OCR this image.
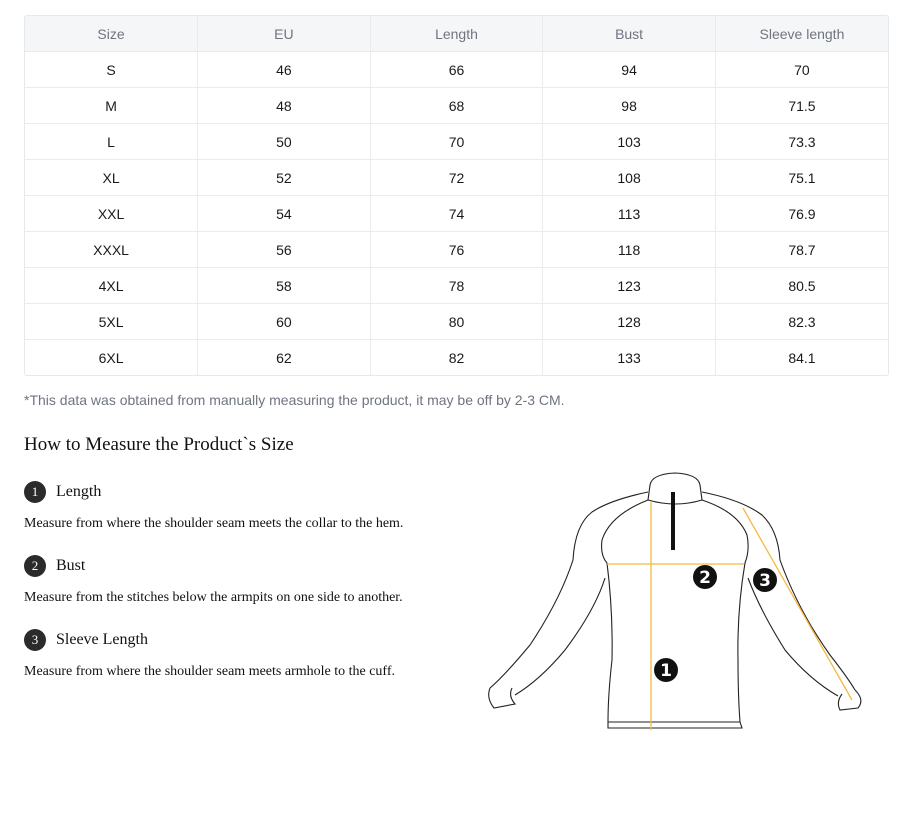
Size	EU	Length	Bust	Sleeve length
S	46	66	94	70
M	48	68	98	71.5
L	50	70	103	73.3
XL	52	72	108	75.1
XXL	54	74	113	76.9
XXXL	56	76	118	78.7
4XL	58	78	123	80.5
5XL	60	80	128	82.3
6XL	62	82	133	84.1
*This data was obtained from manually measuring the product, it may be off by 2-3 CM.
How to Measure the Product`s Size
1	Length
Measure from where the shoulder seam meets the collar to the hem.
2	Bust
Measure from the stitches below the armpits on one side to another.
3	Sleeve Length
Measure from where the shoulder seam meets armhole to the cuff.	1
2	3
